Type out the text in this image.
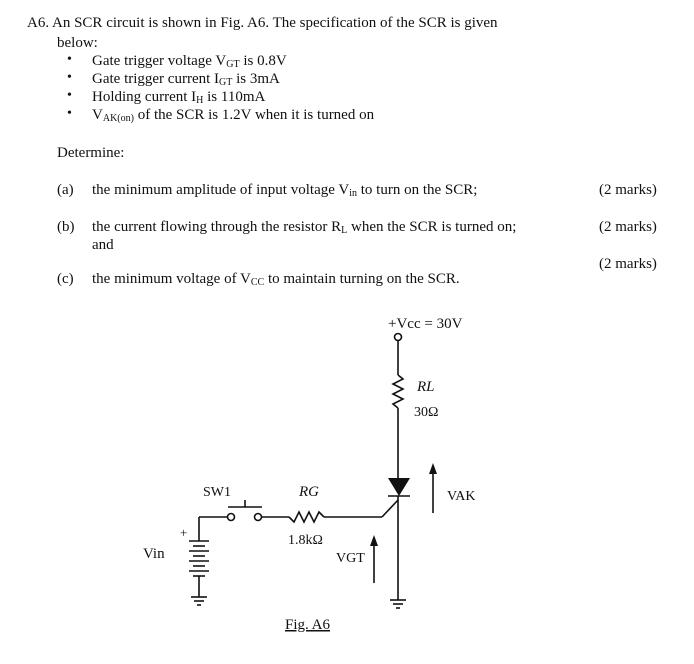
A6. An SCR circuit is shown in Fig. A6. The specification of the SCR is given
below:
• Gate trigger voltage $V_{GT}$ is 0.8V
• Gate trigger current $I_{GT}$ is 3mA
• Holding current $I_H$ is 110mA
• $V_{AK(on)}$ of the SCR is 1.2V when it is turned on
Determine:
(a) the minimum amplitude of input voltage $V_{in}$ to turn on the SCR;	(2 marks)
(b) the current flowing through the resistor $R_L$ when the SCR is turned on;
and
(2 marks)
(2 marks)
(c) the minimum voltage of $V_{CC}$ to maintain turning on the SCR.
+Vcc = 30V
RL
30Ω
VAK
SW1	RG
1.8kΩ
VGT
Vin
+
Fig. A6
